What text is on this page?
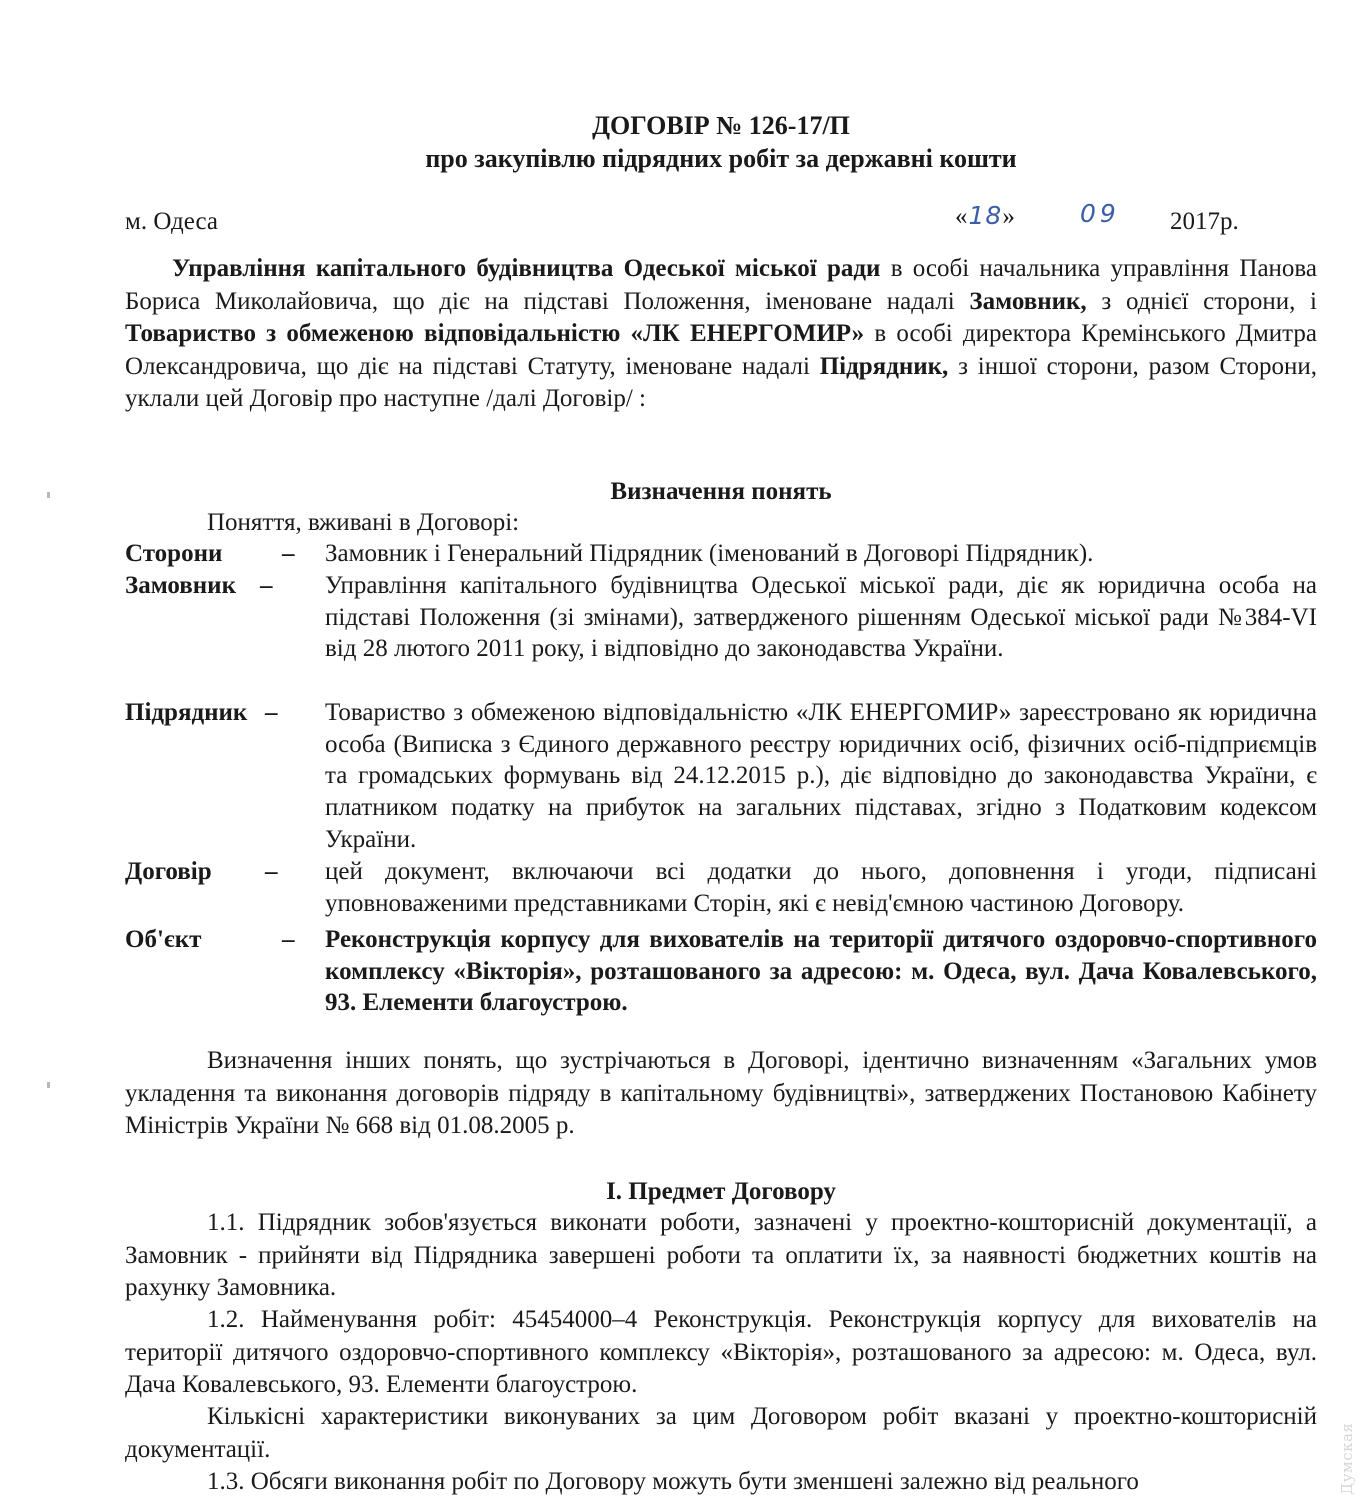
ДОГОВІР № 126-17/П
про закупівлю підрядних робіт за державні кошти
м. Одеса	«18»	09 2017р.
Управління капітального будівництва Одеської міської ради в особі начальника управління Панова Бориса Миколайовича, що діє на підставі Положення, іменоване надалі Замовник, з однієї сторони, і Товариство з обмеженою відповідальністю «ЛК ЕНЕРГОМИР» в особі директора Кремінського Дмитра Олександровича, що діє на підставі Статуту, іменоване надалі Підрядник, з іншої сторони, разом Сторони, уклали цей Договір про наступне /далі Договір/ :
Визначення понять
Поняття, вживані в Договорі:
Сторони	– Замовник і Генеральний Підрядник (іменований в Договорі Підрядник).
Замовник – Управління капітального будівництва Одеської міської ради, діє як юридична особа на підставі Положення (зі змінами), затвердженого рішенням Одеської міської ради №384-VI від 28 лютого 2011 року, і відповідно до законодавства України.
Підрядник – Товариство з обмеженою відповідальністю «ЛК ЕНЕРГОМИР» зареєстровано як юридична особа (Виписка з Єдиного державного реєстру юридичних осіб, фізичних осіб-підприємців та громадських формувань від 24.12.2015 р.), діє відповідно до законодавства України, є платником податку на прибуток на загальних підставах, згідно з Податковим кодексом України.
Договір	– цей документ, включаючи всі додатки до нього, доповнення і угоди, підписані уповноваженими представниками Сторін, які є невід'ємною частиною Договору.
Об'єкт	– Реконструкція корпусу для вихователів на території дитячого оздоровчо-спортивного комплексу «Вікторія», розташованого за адресою: м. Одеса, вул. Дача Ковалевського, 93. Елементи благоустрою.
Визначення інших понять, що зустрічаються в Договорі, ідентично визначенням «Загальних умов укладення та виконання договорів підряду в капітальному будівництві», затверджених Постановою Кабінету Міністрів України № 668 від 01.08.2005 р.
І. Предмет Договору
1.1. Підрядник зобов'язується виконати роботи, зазначені у проектно-кошторисній документації, а Замовник - прийняти від Підрядника завершені роботи та оплатити їх, за наявності бюджетних коштів на рахунку Замовника.
1.2. Найменування робіт: 45454000–4 Реконструкція. Реконструкція корпусу для вихователів на території дитячого оздоровчо-спортивного комплексу «Вікторія», розташованого за адресою: м. Одеса, вул. Дача Ковалевського, 93. Елементи благоустрою.
Кількісні характеристики виконуваних за цим Договором робіт вказані у проектно-кошторисній документації.
1.3. Обсяги виконання робіт по Договору можуть бути зменшені залежно від реального	Думская
